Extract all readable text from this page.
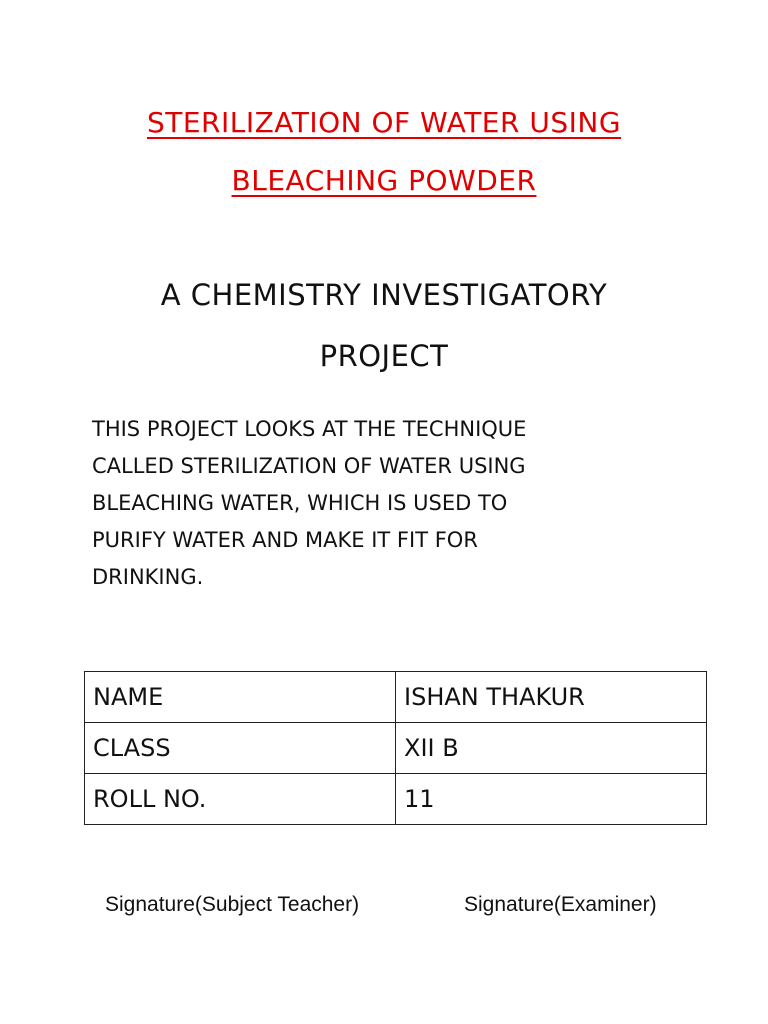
STERILIZATION OF WATER USING
BLEACHING POWDER
A CHEMISTRY INVESTIGATORY
PROJECT
THIS PROJECT LOOKS AT THE TECHNIQUE
CALLED STERILIZATION OF WATER USING
BLEACHING WATER, WHICH IS USED TO
PURIFY WATER AND MAKE IT FIT FOR
DRINKING.
NAME	ISHAN THAKUR
CLASS	XII B
ROLL NO.	11
Signature(Subject Teacher)	Signature(Examiner)
